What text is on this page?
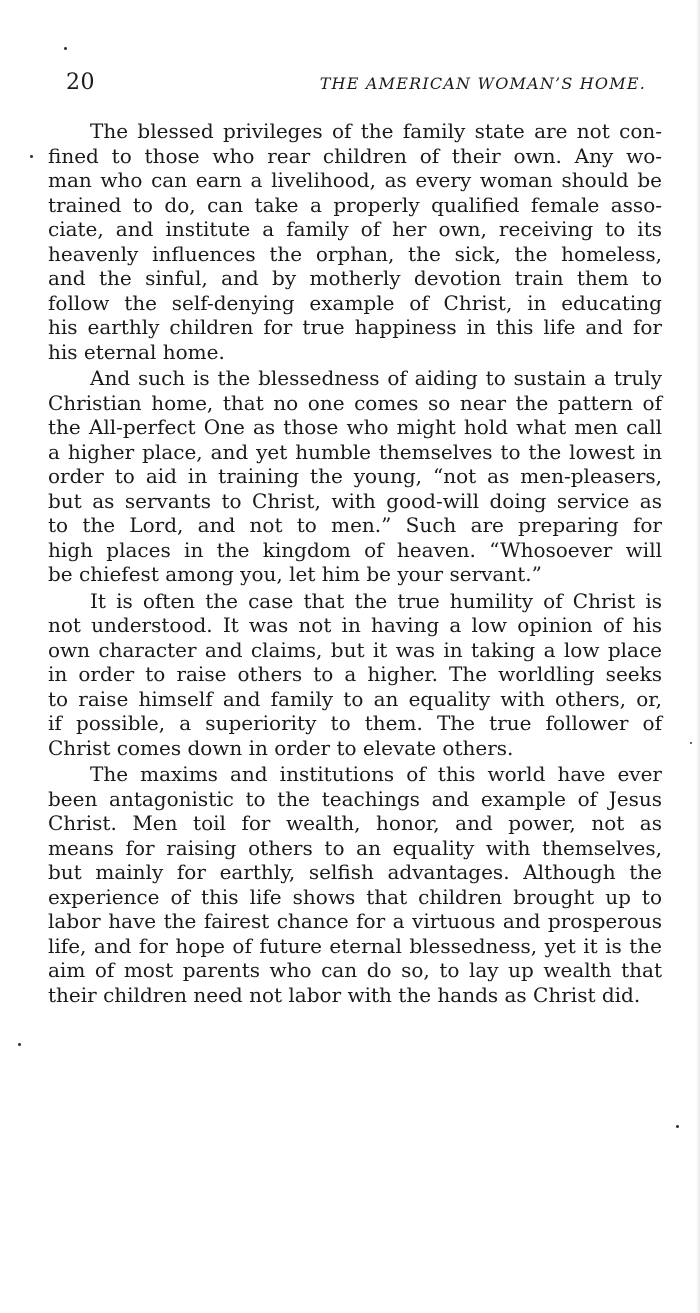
20	THE AMERICAN WOMAN’S HOME.
The blessed privileges of the family state are not con-
fined to those who rear children of their own. Any wo-
man who can earn a livelihood, as every woman should be
trained to do, can take a properly qualified female asso-
ciate, and institute a family of her own, receiving to its
heavenly influences the orphan, the sick, the homeless,
and the sinful, and by motherly devotion train them to
follow the self-denying example of Christ, in educating
his earthly children for true happiness in this life and for
his eternal home.
And such is the blessedness of aiding to sustain a truly
Christian home, that no one comes so near the pattern of
the All-perfect One as those who might hold what men call
a higher place, and yet humble themselves to the lowest in
order to aid in training the young, “not as men-pleasers,
but as servants to Christ, with good-will doing service as
to the Lord, and not to men.” Such are preparing for
high places in the kingdom of heaven. “Whosoever will
be chiefest among you, let him be your servant.”
It is often the case that the true humility of Christ is
not understood. It was not in having a low opinion of his
own character and claims, but it was in taking a low place
in order to raise others to a higher. The worldling seeks
to raise himself and family to an equality with others, or,
if possible, a superiority to them. The true follower of
Christ comes down in order to elevate others.
The maxims and institutions of this world have ever
been antagonistic to the teachings and example of Jesus
Christ. Men toil for wealth, honor, and power, not as
means for raising others to an equality with themselves,
but mainly for earthly, selfish advantages. Although the
experience of this life shows that children brought up to
labor have the fairest chance for a virtuous and prosperous
life, and for hope of future eternal blessedness, yet it is the
aim of most parents who can do so, to lay up wealth that
their children need not labor with the hands as Christ did.
